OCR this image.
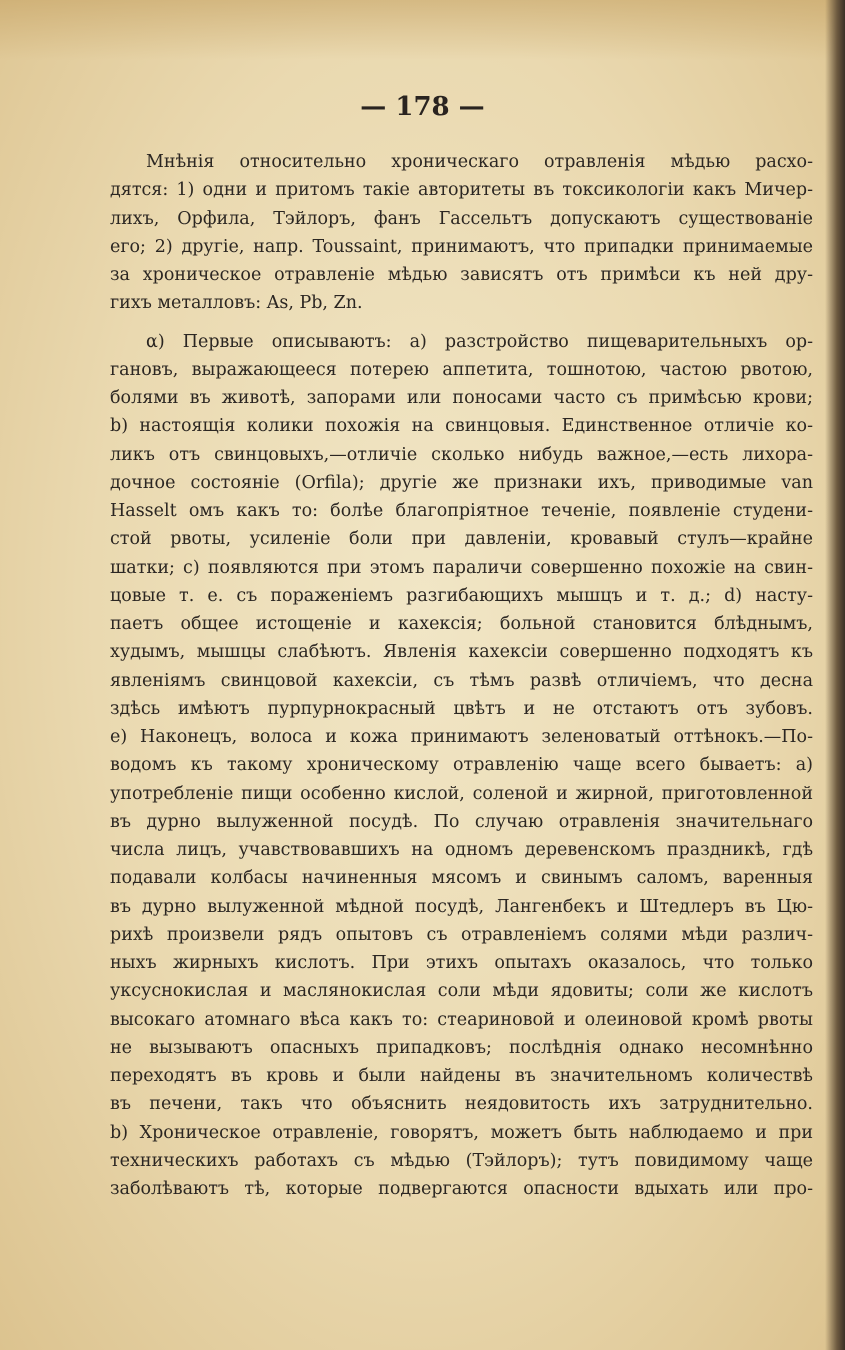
— 178 —
Мнѣнія относительно хроническаго отравленія мѣдью расхо-
дятся: 1) одни и притомъ такіе авторитеты въ токсикологіи какъ Мичер-
лихъ, Орфила, Тэйлоръ, фанъ Гассельтъ допускаютъ существованіе
его; 2) другіе, напр. Toussaint, принимаютъ, что припадки принимаемые
за хроническое отравленіе мѣдью зависятъ отъ примѣси къ ней дру-
гихъ металловъ: As, Pb, Zn.
α) Первые описываютъ: a) разстройство пищеварительныхъ ор-
гановъ, выражающееся потерею аппетита, тошнотою, частою рвотою,
болями въ животѣ, запорами или поносами часто съ примѣсью крови;
b) настоящія колики похожія на свинцовыя. Единственное отличіе ко-
ликъ отъ свинцовыхъ,—отличіе сколько нибудь важное,—есть лихора-
дочное состояніе (Orfila); другіе же признаки ихъ, приводимые van
Hasselt омъ какъ то: болѣе благопріятное теченіе, появленіе студени-
стой рвоты, усиленіе боли при давленіи, кровавый стулъ—крайне
шатки; c) появляются при этомъ параличи совершенно похожіе на свин-
цовые т. е. съ пораженіемъ разгибающихъ мышцъ и т. д.; d) насту-
паетъ общее истощеніе и кахексія; больной становится блѣднымъ,
худымъ, мышцы слабѣютъ. Явленія кахексіи совершенно подходятъ къ
явленіямъ свинцовой кахексіи, съ тѣмъ развѣ отличіемъ, что десна
здѣсь имѣютъ пурпурнокрасный цвѣтъ и не отстаютъ отъ зубовъ.
e) Наконецъ, волоса и кожа принимаютъ зеленоватый оттѣнокъ.—По-
водомъ къ такому хроническому отравленію чаще всего бываетъ: a)
употребленіе пищи особенно кислой, соленой и жирной, приготовленной
въ дурно вылуженной посудѣ. По случаю отравленія значительнаго
числа лицъ, учавствовавшихъ на одномъ деревенскомъ праздникѣ, гдѣ
подавали колбасы начиненныя мясомъ и свинымъ саломъ, варенныя
въ дурно вылуженной мѣдной посудѣ, Лангенбекъ и Штедлеръ въ Цю-
рихѣ произвели рядъ опытовъ съ отравленіемъ солями мѣди различ-
ныхъ жирныхъ кислотъ. При этихъ опытахъ оказалось, что только
уксуснокислая и маслянокислая соли мѣди ядовиты; соли же кислотъ
высокаго атомнаго вѣса какъ то: стеариновой и олеиновой кромѣ рвоты
не вызываютъ опасныхъ припадковъ; послѣднія однако несомнѣнно
переходятъ въ кровь и были найдены въ значительномъ количествѣ
въ печени, такъ что объяснить неядовитость ихъ затруднительно.
b) Хроническое отравленіе, говорятъ, можетъ быть наблюдаемо и при
техническихъ работахъ съ мѣдью (Тэйлоръ); тутъ повидимому чаще
заболѣваютъ тѣ, которые подвергаются опасности вдыхать или про-
